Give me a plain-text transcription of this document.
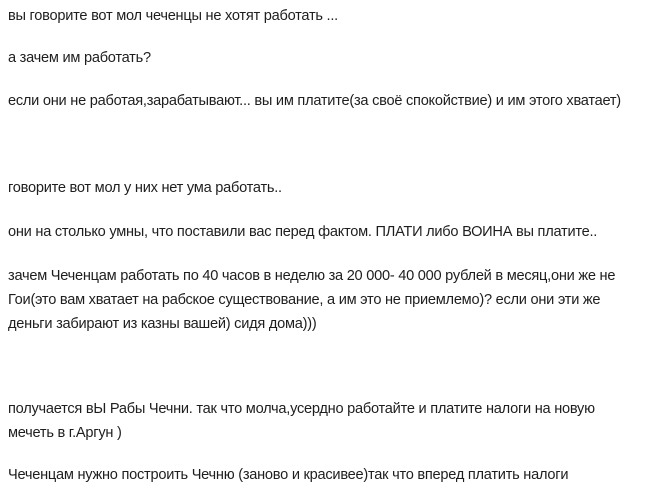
вы говорите вот мол чеченцы не хотят работать ...

а зачем им работать?

если они не работая,зарабатывают... вы им платите(за своё спокойствие) и им этого хватает)

говорите вот мол у них нет ума работать..

они на столько умны, что поставили вас перед фактом. ПЛАТИ либо ВОИНА вы платите..

зачем Чеченцам работать по 40 часов в неделю за 20 000- 40 000 рублей в месяц,они же не
Гои(это вам хватает на рабское существование, а им это не приемлемо)? если они эти же
деньги забирают из казны вашей) сидя дома)))

получается вЫ Рабы Чечни. так что молча,усердно работайте и платите налоги на новую
мечеть в г.Аргун )

Чеченцам нужно построить Чечню (заново и красивее)так что вперед платить налоги
